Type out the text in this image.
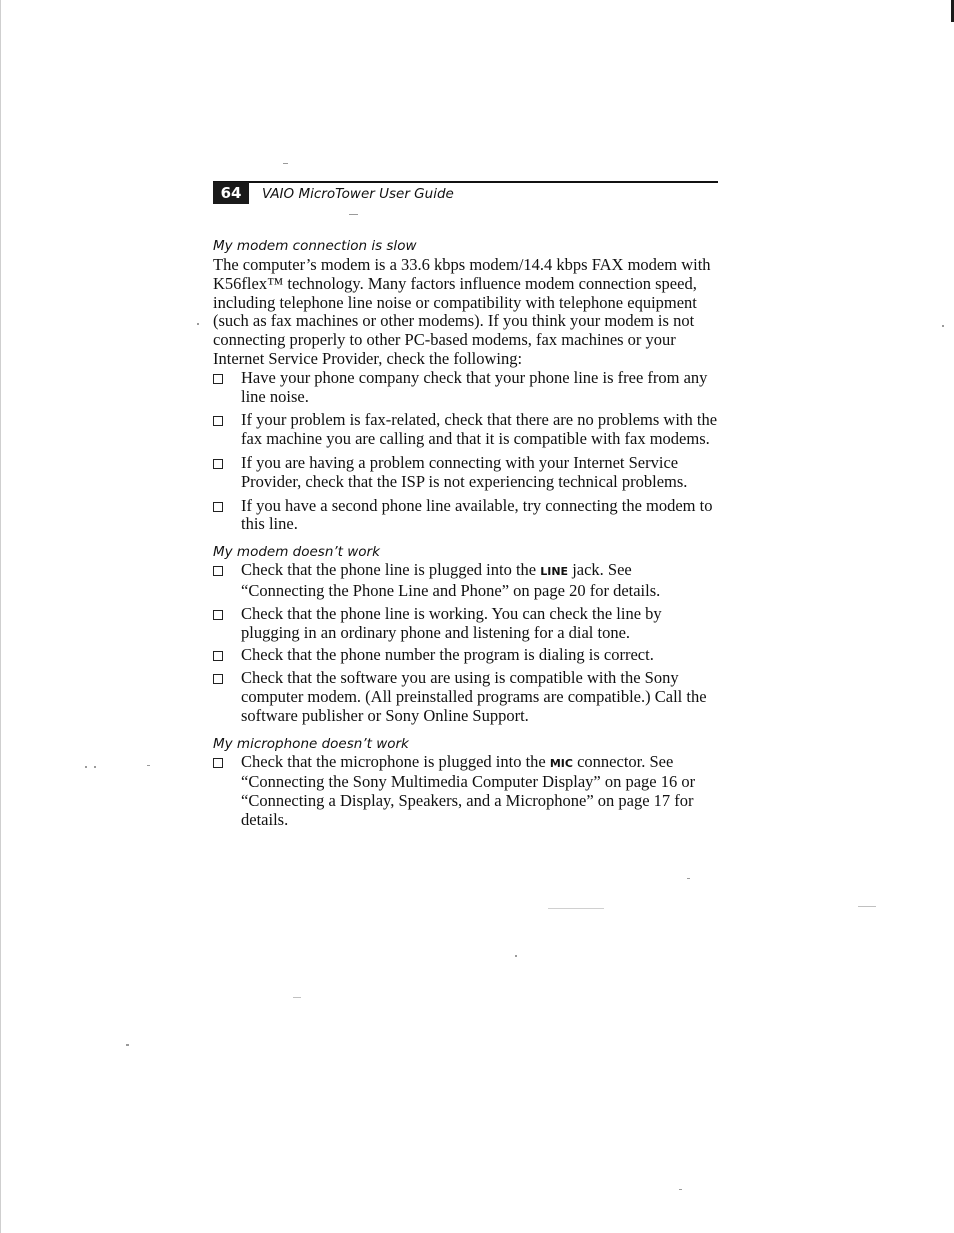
64	VAIO MicroTower User Guide

My modem connection is slow

The computer’s modem is a 33.6 kbps modem/14.4 kbps FAX modem with K56flex™ technology. Many factors influence modem connection speed, including telephone line noise or compatibility with telephone equipment (such as fax machines or other modems). If you think your modem is not connecting properly to other PC-based modems, fax machines or your Internet Service Provider, check the following:

Have your phone company check that your phone line is free from any line noise.
If your problem is fax-related, check that there are no problems with the fax machine you are calling and that it is compatible with fax modems.
If you are having a problem connecting with your Internet Service Provider, check that the ISP is not experiencing technical problems.
If you have a second phone line available, try connecting the modem to this line.

My modem doesn’t work

Check that the phone line is plugged into the LINE jack. See “Connecting the Phone Line and Phone” on page 20 for details.
Check that the phone line is working. You can check the line by plugging in an ordinary phone and listening for a dial tone.
Check that the phone number the program is dialing is correct.
Check that the software you are using is compatible with the Sony computer modem. (All preinstalled programs are compatible.) Call the software publisher or Sony Online Support.

My microphone doesn’t work

Check that the microphone is plugged into the MIC connector. See “Connecting the Sony Multimedia Computer Display” on page 16 or “Connecting a Display, Speakers, and a Microphone” on page 17 for details.
